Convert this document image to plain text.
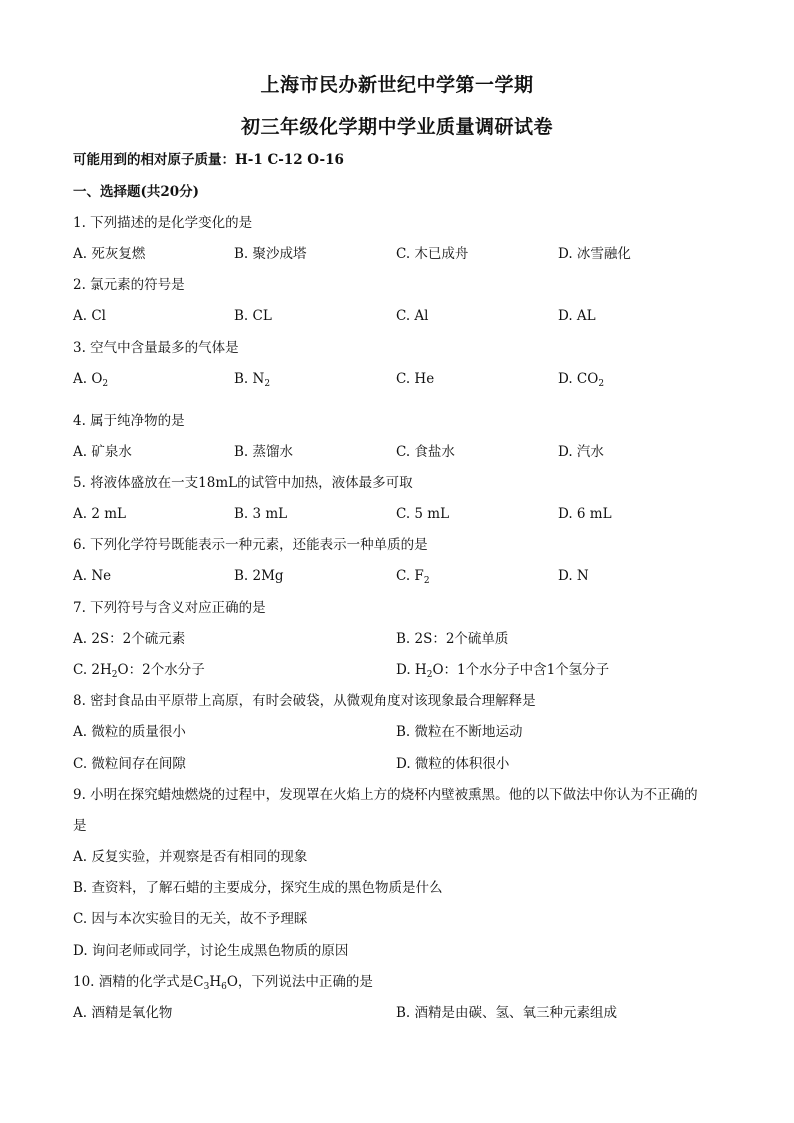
上海市民办新世纪中学第一学期
初三年级化学期中学业质量调研试卷
可能用到的相对原子质量：H-1 C-12 O-16
一、选择题(共20分)
1. 下列描述的是化学变化的是
A. 死灰复燃	B. 聚沙成塔	C. 木已成舟	D. 冰雪融化
2. 氯元素的符号是
A. Cl	B. CL	C. Al	D. AL
3. 空气中含量最多的气体是
A. $O_2$	B. $N_2$	C. He	D. $CO_2$
4. 属于纯净物的是
A. 矿泉水	B. 蒸馏水	C. 食盐水	D. 汽水
5. 将液体盛放在一支18mL的试管中加热，液体最多可取
A. 2 mL	B. 3 mL	C. 5 mL	D. 6 mL
6. 下列化学符号既能表示一种元素，还能表示一种单质的是
A. Ne	B. 2Mg	C. $F_2$	D. N
7. 下列符号与含义对应正确的是
A. 2S：2个硫元素	B. 2S：2个硫单质
C. $2H_2O$：2个水分子	D. $H_2O$：1个水分子中含1个氢分子
8. 密封食品由平原带上高原，有时会破袋，从微观角度对该现象最合理解释是
A. 微粒的质量很小	B. 微粒在不断地运动
C. 微粒间存在间隙	D. 微粒的体积很小
9. 小明在探究蜡烛燃烧的过程中，发现罩在火焰上方的烧杯内壁被熏黑。他的以下做法中你认为不正确的
是
A. 反复实验，并观察是否有相同的现象
B. 查资料，了解石蜡的主要成分，探究生成的黑色物质是什么
C. 因与本次实验目的无关，故不予理睬
D. 询问老师或同学，讨论生成黑色物质的原因
10. 酒精的化学式是$C_3H_6O$，下列说法中正确的是
A. 酒精是氧化物	B. 酒精是由碳、氢、氧三种元素组成
